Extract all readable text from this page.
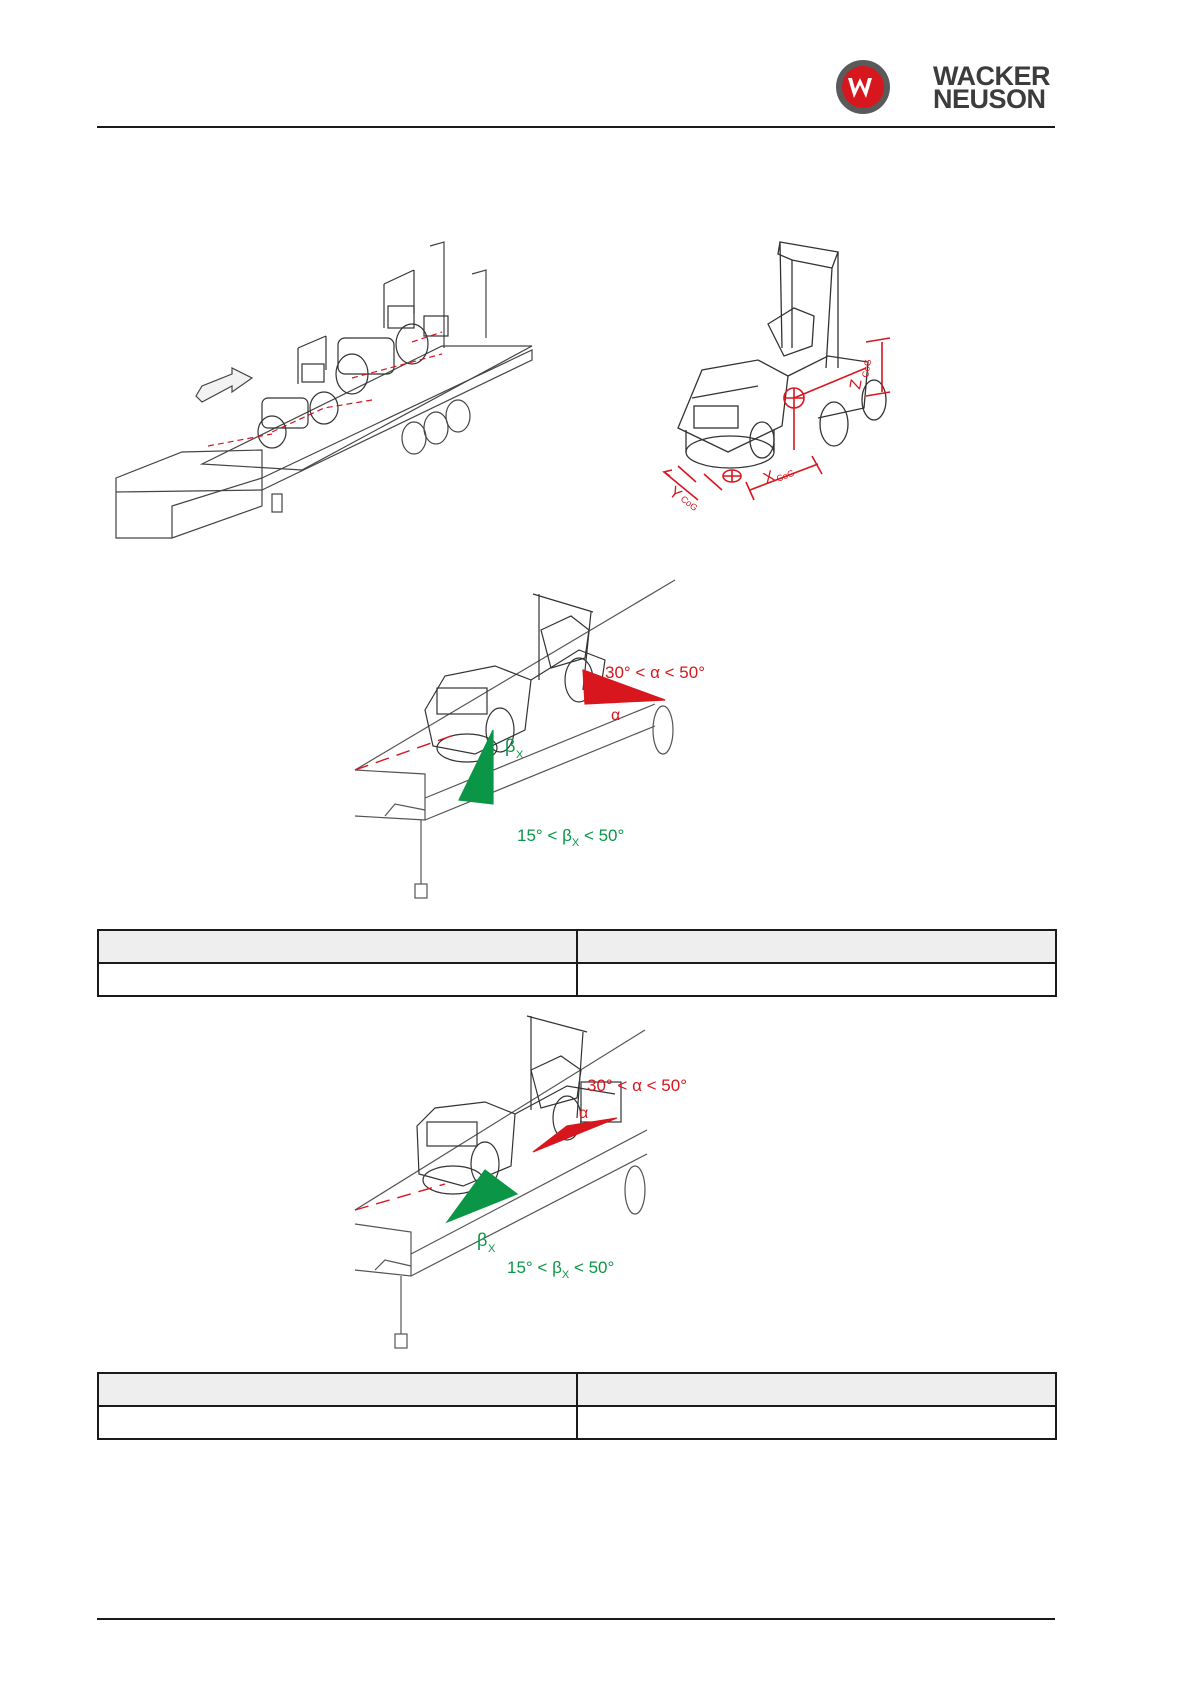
WACKER
NEUSON
Y
CoG
X
CoG
Z
CoG
30° < α < 50°
α
β X
$15^\circ < \beta_X < 50^\circ$

30° < α < 50°
α
β X
$15^\circ < \beta_X < 50^\circ$
